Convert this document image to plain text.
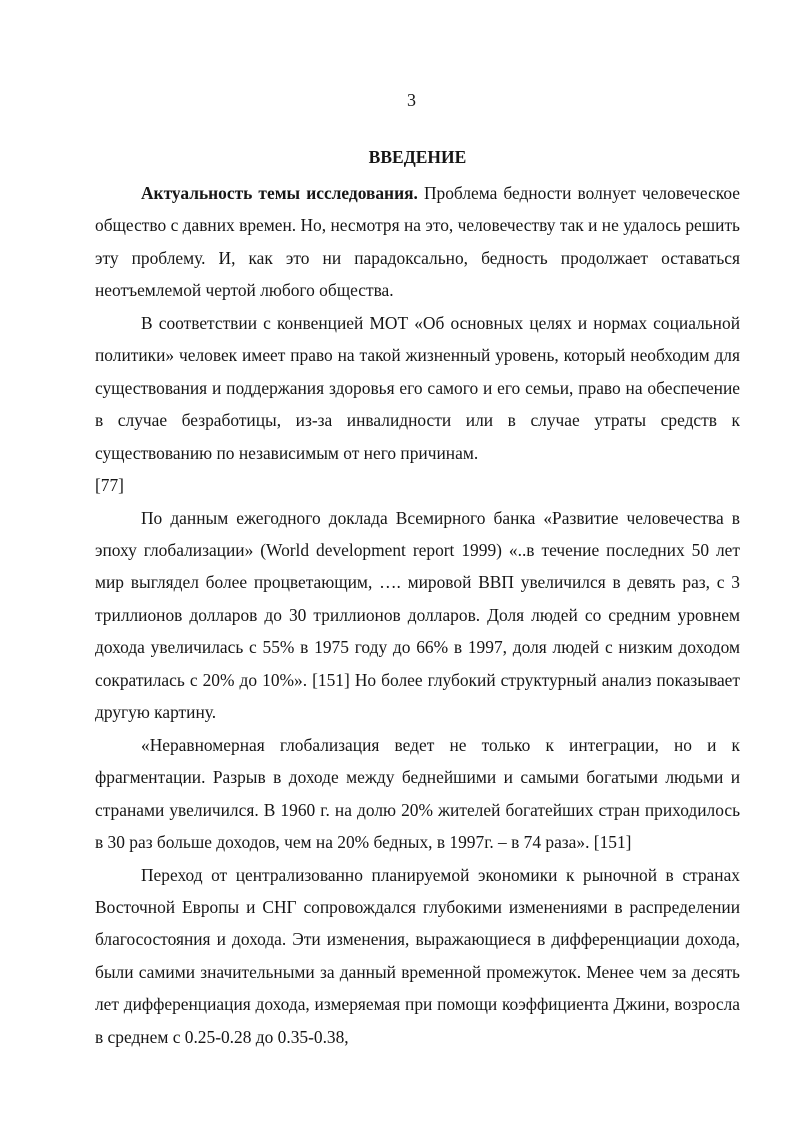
3
ВВЕДЕНИЕ

Актуальность темы исследования. Проблема бедности волнует человеческое общество с давних времен. Но, несмотря на это, человечеству так и не удалось решить эту проблему. И, как это ни парадоксально, бедность продолжает оставаться неотъемлемой чертой любого общества.

В соответствии с конвенцией МОТ «Об основных целях и нормах социальной политики» человек имеет право на такой жизненный уровень, который необходим для существования и поддержания здоровья его самого и его семьи, право на обеспечение в случае безработицы, из-за инвалидности или в случае утраты средств к существованию по независимым от него причинам.
[77]

По данным ежегодного доклада Всемирного банка «Развитие человечества в эпоху глобализации» (World development report 1999) «..в течение последних 50 лет мир выглядел более процветающим, …. мировой ВВП увеличился в девять раз, с 3 триллионов долларов до 30 триллионов долларов. Доля людей со средним уровнем дохода увеличилась с 55% в 1975 году до 66% в 1997, доля людей с низким доходом сократилась с 20% до 10%». [151] Но более глубокий структурный анализ показывает другую картину.

«Неравномерная глобализация ведет не только к интеграции, но и к фрагментации. Разрыв в доходе между беднейшими и самыми богатыми людьми и странами увеличился. В 1960 г. на долю 20% жителей богатейших стран приходилось в 30 раз больше доходов, чем на 20% бедных, в 1997г. – в 74 раза». [151]

Переход от централизованно планируемой экономики к рыночной в странах Восточной Европы и СНГ сопровождался глубокими изменениями в распределении благосостояния и дохода. Эти изменения, выражающиеся в дифференциации дохода, были самими значительными за данный временной промежуток. Менее чем за десять лет дифференциация дохода, измеряемая при помощи коэффициента Джини, возросла в среднем с 0.25-0.28 до 0.35-0.38,
